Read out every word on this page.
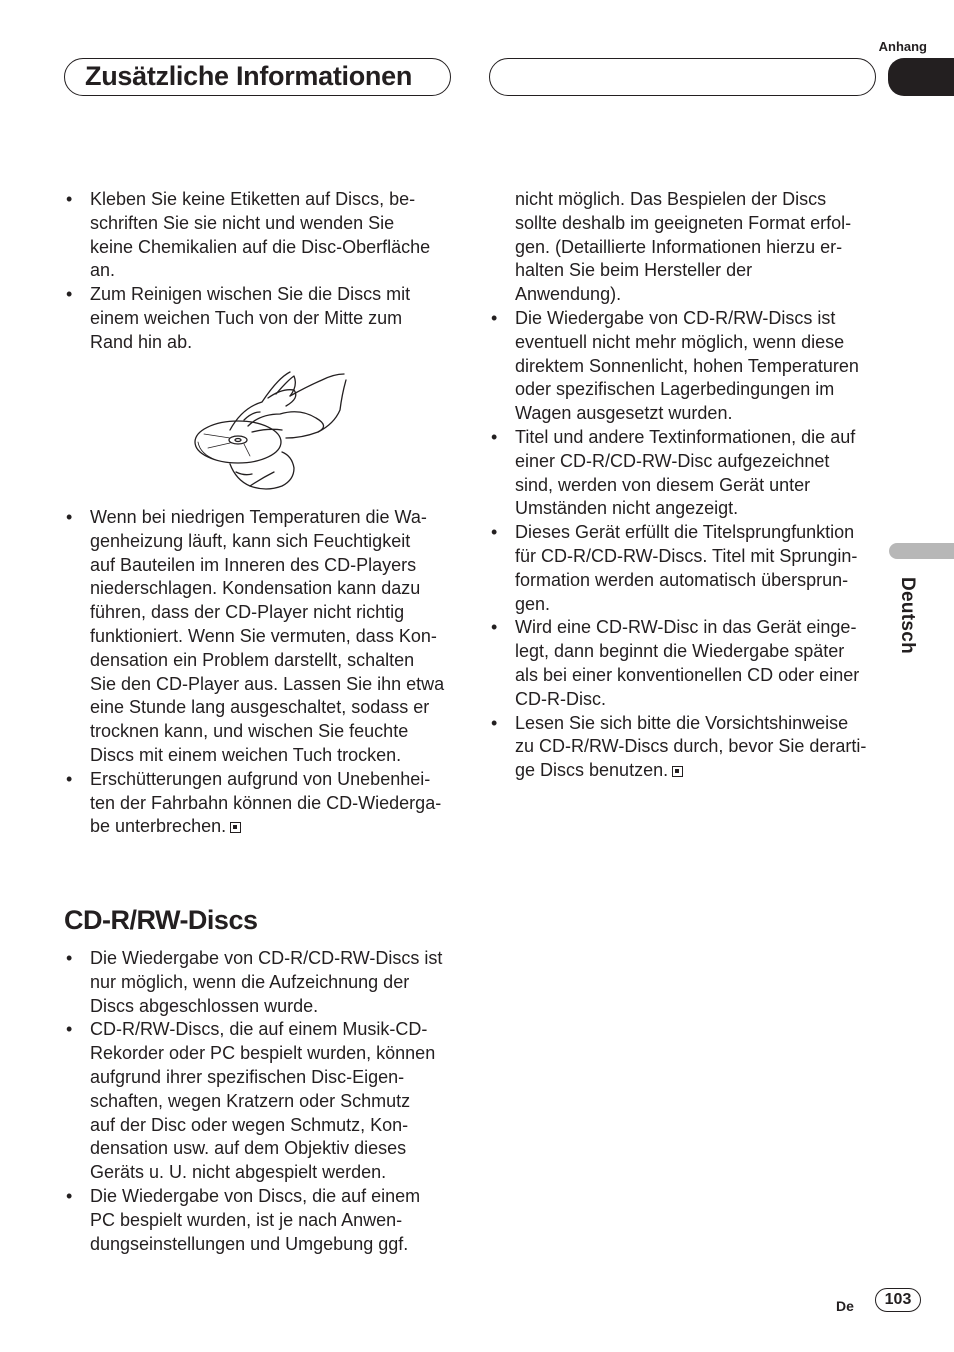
Anhang
Zusätzliche Informationen
Deutsch
• Kleben Sie keine Etiketten auf Discs, be-
schriften Sie sie nicht und wenden Sie
keine Chemikalien auf die Disc-Oberfläche
an.
• Zum Reinigen wischen Sie die Discs mit
einem weichen Tuch von der Mitte zum
Rand hin ab.
• Wenn bei niedrigen Temperaturen die Wa-
genheizung läuft, kann sich Feuchtigkeit
auf Bauteilen im Inneren des CD-Players
niederschlagen. Kondensation kann dazu
führen, dass der CD-Player nicht richtig
funktioniert. Wenn Sie vermuten, dass Kon-
densation ein Problem darstellt, schalten
Sie den CD-Player aus. Lassen Sie ihn etwa
eine Stunde lang ausgeschaltet, sodass er
trocknen kann, und wischen Sie feuchte
Discs mit einem weichen Tuch trocken.
• Erschütterungen aufgrund von Unebenhei-
ten der Fahrbahn können die CD-Wiederga-
be unterbrechen.
CD-R/RW-Discs
• Die Wiedergabe von CD-R/CD-RW-Discs ist
nur möglich, wenn die Aufzeichnung der
Discs abgeschlossen wurde.
• CD-R/RW-Discs, die auf einem Musik-CD-
Rekorder oder PC bespielt wurden, können
aufgrund ihrer spezifischen Disc-Eigen-
schaften, wegen Kratzern oder Schmutz
auf der Disc oder wegen Schmutz, Kon-
densation usw. auf dem Objektiv dieses
Geräts u. U. nicht abgespielt werden.
• Die Wiedergabe von Discs, die auf einem
PC bespielt wurden, ist je nach Anwen-
dungseinstellungen und Umgebung ggf.
nicht möglich. Das Bespielen der Discs
sollte deshalb im geeigneten Format erfol-
gen. (Detaillierte Informationen hierzu er-
halten Sie beim Hersteller der
Anwendung).
• Die Wiedergabe von CD-R/RW-Discs ist
eventuell nicht mehr möglich, wenn diese
direktem Sonnenlicht, hohen Temperaturen
oder spezifischen Lagerbedingungen im
Wagen ausgesetzt wurden.
• Titel und andere Textinformationen, die auf
einer CD-R/CD-RW-Disc aufgezeichnet
sind, werden von diesem Gerät unter
Umständen nicht angezeigt.
• Dieses Gerät erfüllt die Titelsprungfunktion
für CD-R/CD-RW-Discs. Titel mit Sprungin-
formation werden automatisch übersprun-
gen.
• Wird eine CD-RW-Disc in das Gerät einge-
legt, dann beginnt die Wiedergabe später
als bei einer konventionellen CD oder einer
CD-R-Disc.
• Lesen Sie sich bitte die Vorsichtshinweise
zu CD-R/RW-Discs durch, bevor Sie derarti-
ge Discs benutzen.
De	103
